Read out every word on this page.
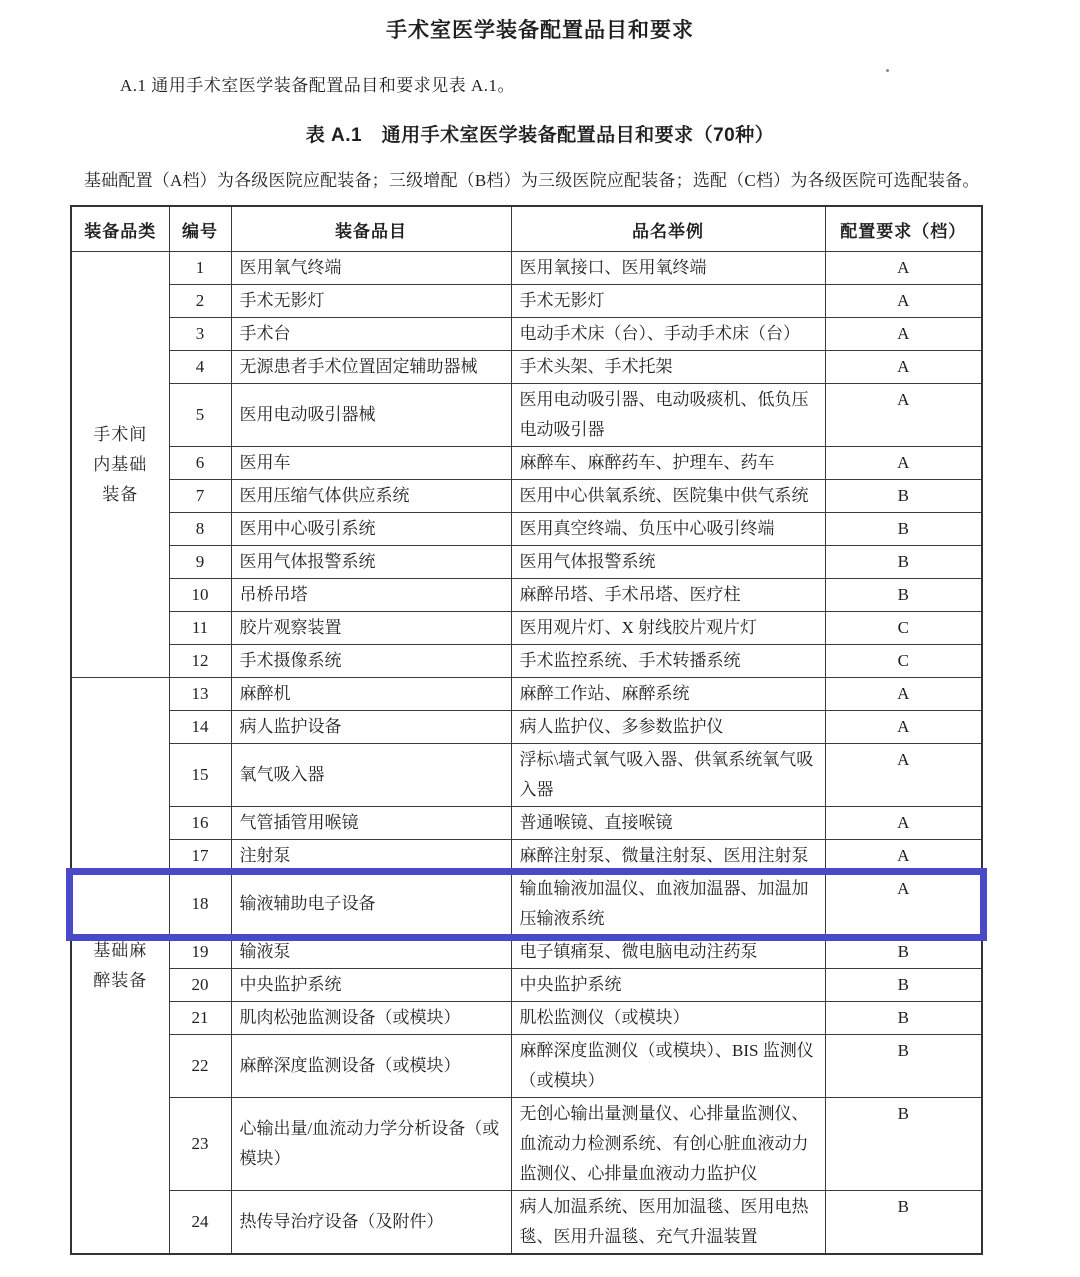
手术室医学装备配置品目和要求
A.1 通用手术室医学装备配置品目和要求见表 A.1。
表 A.1　通用手术室医学装备配置品目和要求（70种）
基础配置（A档）为各级医院应配装备；三级增配（B档）为三级医院应配装备；选配（C档）为各级医院可选配装备。
装备品类	编号	装备品目	品名举例	配置要求（档）
手术间内基础装备	1	医用氧气终端	医用氧接口、医用氧终端	A
	2	手术无影灯	手术无影灯	A
	3	手术台	电动手术床（台）、手动手术床（台）	A
	4	无源患者手术位置固定辅助器械	手术头架、手术托架	A
	5	医用电动吸引器械	医用电动吸引器、电动吸痰机、低负压电动吸引器	A
	6	医用车	麻醉车、麻醉药车、护理车、药车	A
	7	医用压缩气体供应系统	医用中心供氧系统、医院集中供气系统	B
	8	医用中心吸引系统	医用真空终端、负压中心吸引终端	B
	9	医用气体报警系统	医用气体报警系统	B
	10	吊桥吊塔	麻醉吊塔、手术吊塔、医疗柱	B
	11	胶片观察装置	医用观片灯、X 射线胶片观片灯	C
	12	手术摄像系统	手术监控系统、手术转播系统	C
基础麻醉装备	13	麻醉机	麻醉工作站、麻醉系统	A
	14	病人监护设备	病人监护仪、多参数监护仪	A
	15	氧气吸入器	浮标\墙式氧气吸入器、供氧系统氧气吸入器	A
	16	气管插管用喉镜	普通喉镜、直接喉镜	A
	17	注射泵	麻醉注射泵、微量注射泵、医用注射泵	A
	18	输液辅助电子设备	输血输液加温仪、血液加温器、加温加压输液系统	A
	19	输液泵	电子镇痛泵、微电脑电动注药泵	B
	20	中央监护系统	中央监护系统	B
	21	肌肉松弛监测设备（或模块）	肌松监测仪（或模块）	B
	22	麻醉深度监测设备（或模块）	麻醉深度监测仪（或模块）、BIS 监测仪（或模块）	B
	23	心输出量/血流动力学分析设备（或模块）	无创心输出量测量仪、心排量监测仪、血流动力检测系统、有创心脏血液动力监测仪、心排量血液动力监护仪	B
	24	热传导治疗设备（及附件）	病人加温系统、医用加温毯、医用电热毯、医用升温毯、充气升温装置	B
